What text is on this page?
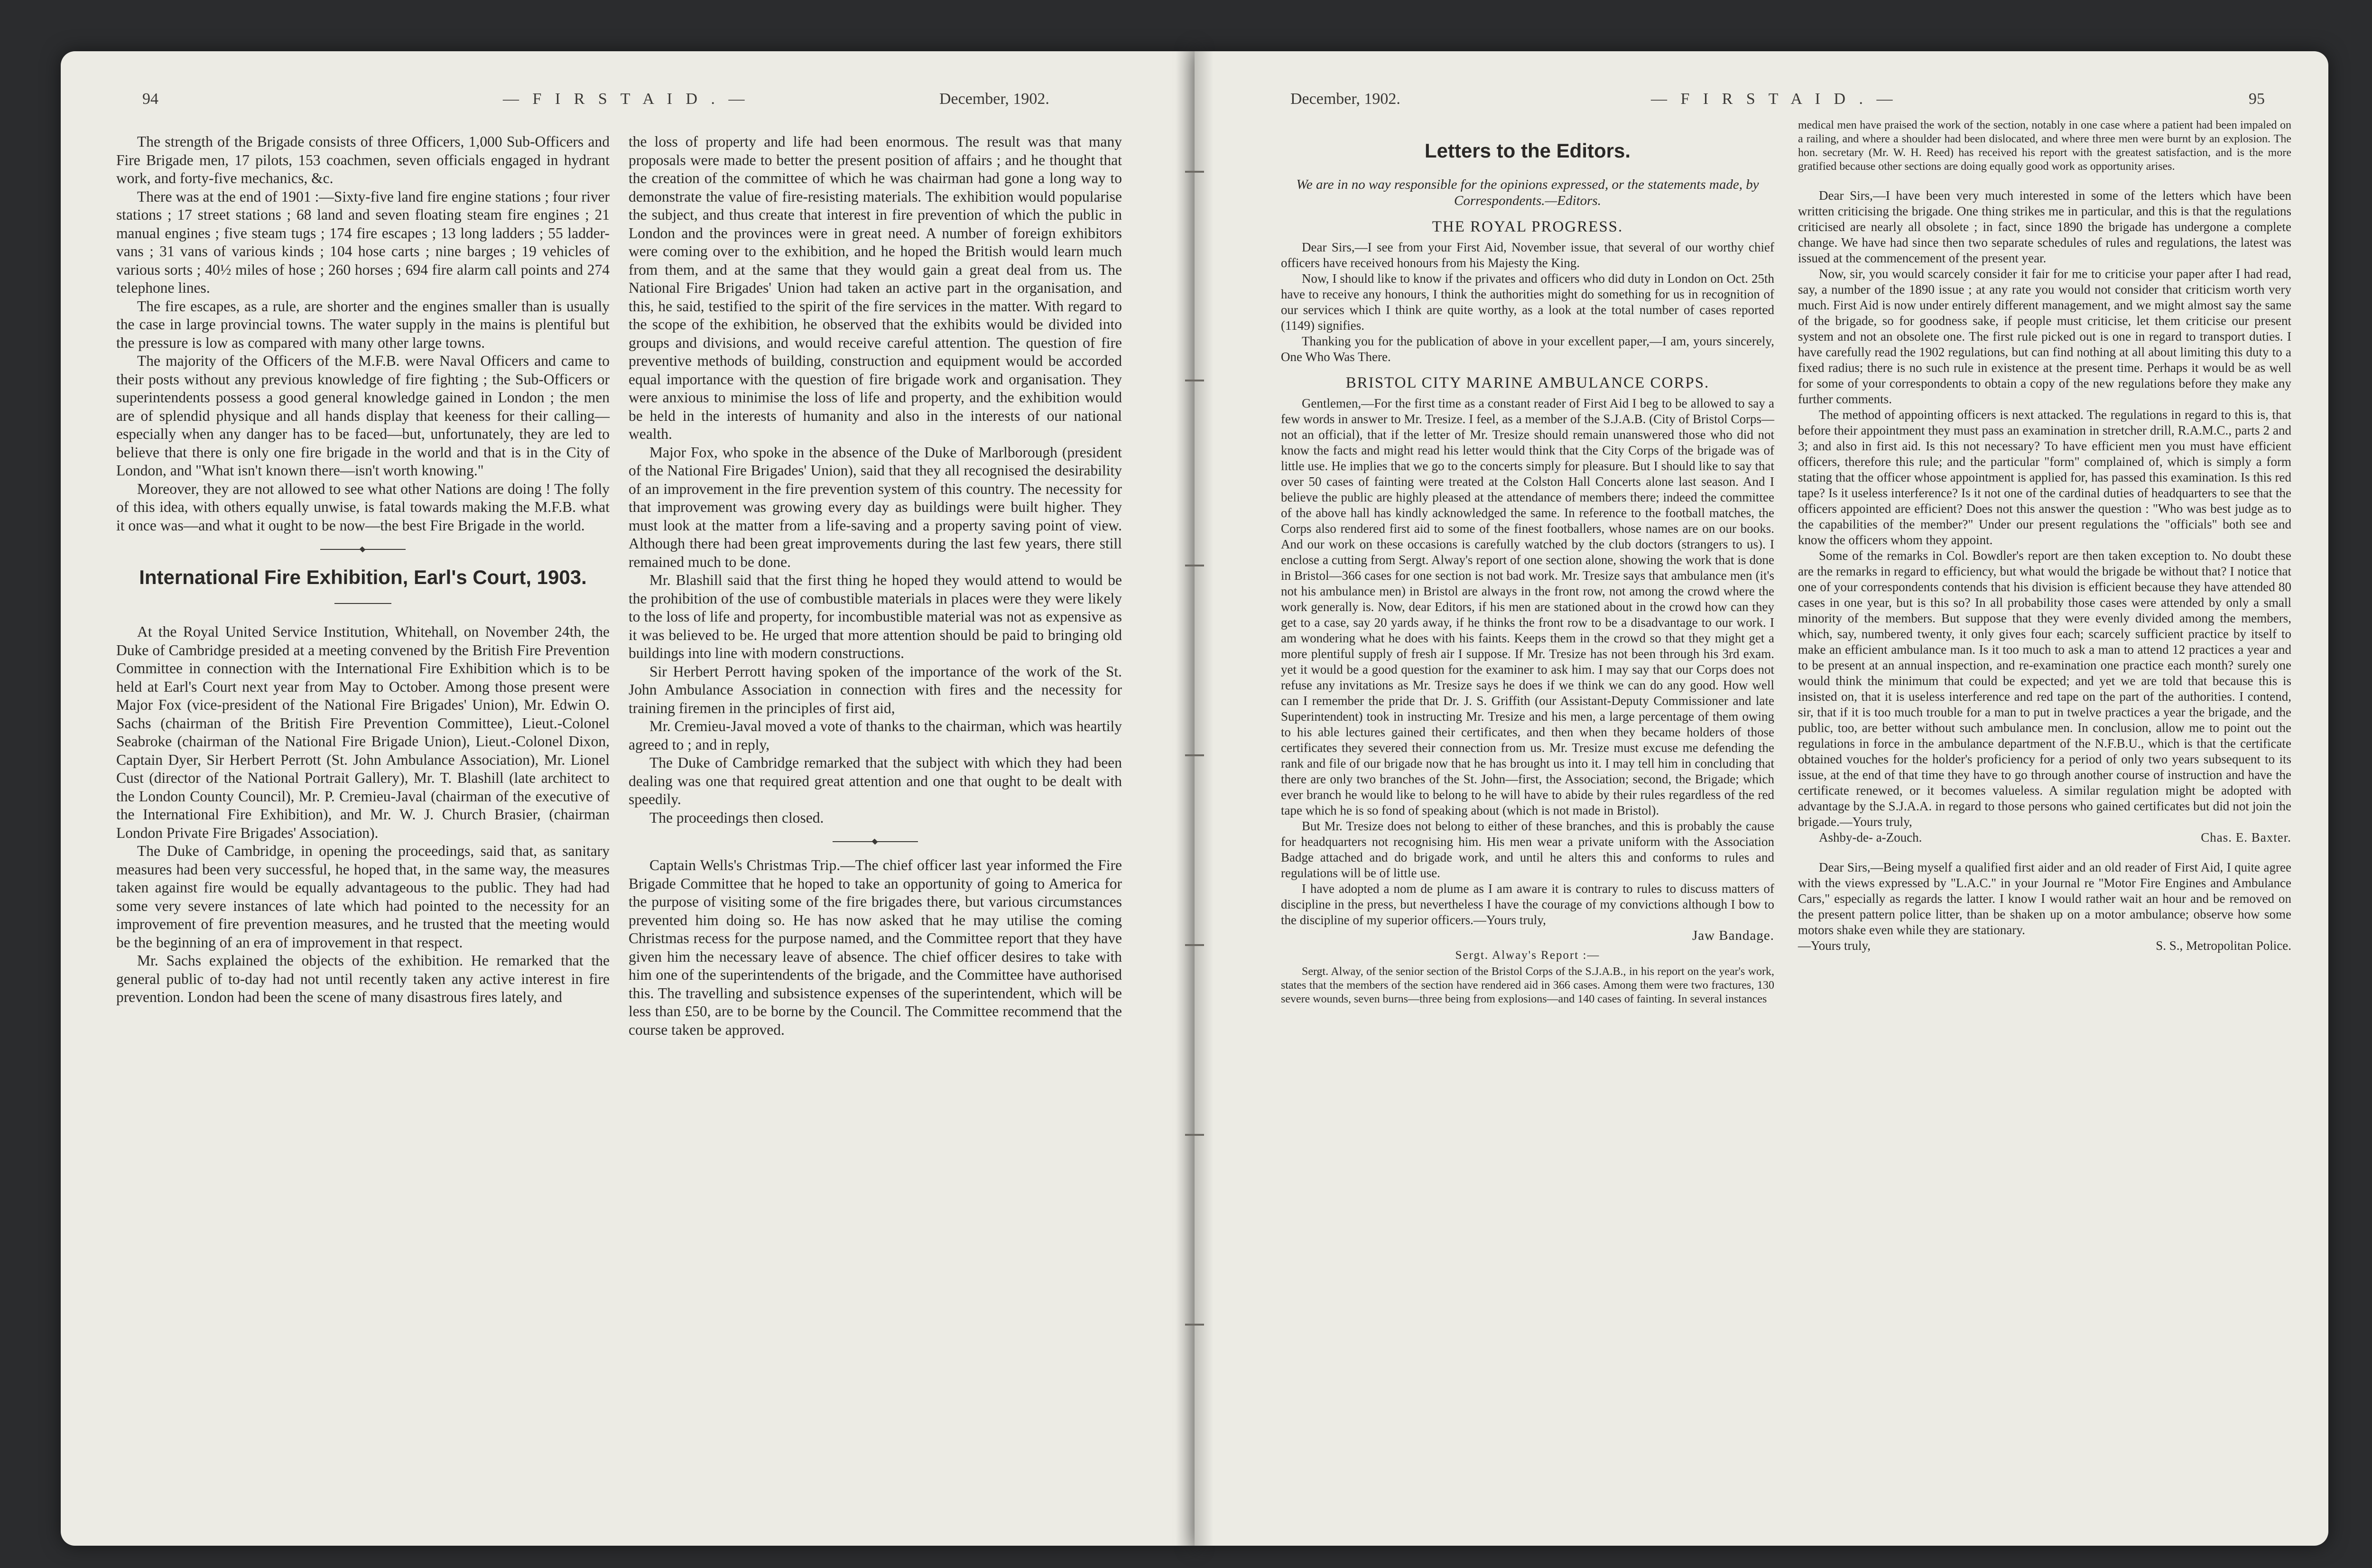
94	— F I R S T A I D . —	December, 1902.

The strength of the Brigade consists of three Officers, 1,000 Sub-Officers and Fire Brigade men, 17 pilots, 153 coachmen, seven officials engaged in hydrant work, and forty-five mechanics, &c.

There was at the end of 1901 :—Sixty-five land fire engine stations ; four river stations ; 17 street stations ; 68 land and seven floating steam fire engines ; 21 manual engines ; five steam tugs ; 174 fire escapes ; 13 long ladders ; 55 ladder-vans ; 31 vans of various kinds ; 104 hose carts ; nine barges ; 19 vehicles of various sorts ; 40½ miles of hose ; 260 horses ; 694 fire alarm call points and 274 telephone lines.

The fire escapes, as a rule, are shorter and the engines smaller than is usually the case in large provincial towns. The water supply in the mains is plentiful but the pressure is low as compared with many other large towns.

The majority of the Officers of the M.F.B. were Naval Officers and came to their posts without any previous knowledge of fire fighting ; the Sub-Officers or superintendents possess a good general knowledge gained in London ; the men are of splendid physique and all hands display that keeness for their calling—especially when any danger has to be faced—but, unfortunately, they are led to believe that there is only one fire brigade in the world and that is in the City of London, and "What isn't known there—isn't worth knowing."

Moreover, they are not allowed to see what other Nations are doing ! The folly of this idea, with others equally unwise, is fatal towards making the M.F.B. what it once was—and what it ought to be now—the best Fire Brigade in the world.

International Fire Exhibition, Earl's Court, 1903.

At the Royal United Service Institution, Whitehall, on November 24th, the Duke of Cambridge presided at a meeting convened by the British Fire Prevention Committee in connection with the International Fire Exhibition which is to be held at Earl's Court next year from May to October. Among those present were Major Fox (vice-president of the National Fire Brigades' Union), Mr. Edwin O. Sachs (chairman of the British Fire Prevention Committee), Lieut.-Colonel Seabroke (chairman of the National Fire Brigade Union), Lieut.-Colonel Dixon, Captain Dyer, Sir Herbert Perrott (St. John Ambulance Association), Mr. Lionel Cust (director of the National Portrait Gallery), Mr. T. Blashill (late architect to the London County Council), Mr. P. Cremieu-Javal (chairman of the executive of the International Fire Exhibition), and Mr. W. J. Church Brasier, (chairman London Private Fire Brigades' Association).

The Duke of Cambridge, in opening the proceedings, said that, as sanitary measures had been very successful, he hoped that, in the same way, the measures taken against fire would be equally advantageous to the public. They had had some very severe instances of late which had pointed to the necessity for an improvement of fire prevention measures, and he trusted that the meeting would be the beginning of an era of improvement in that respect.

Mr. Sachs explained the objects of the exhibition. He remarked that the general public of to-day had not until recently taken any active interest in fire prevention. London had been the scene of many disastrous fires lately, and

the loss of property and life had been enormous. The result was that many proposals were made to better the present position of affairs ; and he thought that the creation of the committee of which he was chairman had gone a long way to demonstrate the value of fire-resisting materials. The exhibition would popularise the subject, and thus create that interest in fire prevention of which the public in London and the provinces were in great need. A number of foreign exhibitors were coming over to the exhibition, and he hoped the British would learn much from them, and at the same that they would gain a great deal from us. The National Fire Brigades' Union had taken an active part in the organisation, and this, he said, testified to the spirit of the fire services in the matter. With regard to the scope of the exhibition, he observed that the exhibits would be divided into groups and divisions, and would receive careful attention. The question of fire preventive methods of building, construction and equipment would be accorded equal importance with the question of fire brigade work and organisation. They were anxious to minimise the loss of life and property, and the exhibition would be held in the interests of humanity and also in the interests of our national wealth.

Major Fox, who spoke in the absence of the Duke of Marlborough (president of the National Fire Brigades' Union), said that they all recognised the desirability of an improvement in the fire prevention system of this country. The necessity for that improvement was growing every day as buildings were built higher. They must look at the matter from a life-saving and a property saving point of view. Although there had been great improvements during the last few years, there still remained much to be done.

Mr. Blashill said that the first thing he hoped they would attend to would be the prohibition of the use of combustible materials in places were they were likely to the loss of life and property, for incombustible material was not as expensive as it was believed to be. He urged that more attention should be paid to bringing old buildings into line with modern constructions.

Sir Herbert Perrott having spoken of the importance of the work of the St. John Ambulance Association in connection with fires and the necessity for training firemen in the principles of first aid,

Mr. Cremieu-Javal moved a vote of thanks to the chairman, which was heartily agreed to ; and in reply,

The Duke of Cambridge remarked that the subject with which they had been dealing was one that required great attention and one that ought to be dealt with speedily.

The proceedings then closed.

Captain Wells's Christmas Trip.—The chief officer last year informed the Fire Brigade Committee that he hoped to take an opportunity of going to America for the purpose of visiting some of the fire brigades there, but various circumstances prevented him doing so. He has now asked that he may utilise the coming Christmas recess for the purpose named, and the Committee report that they have given him the necessary leave of absence. The chief officer desires to take with him one of the superintendents of the brigade, and the Committee have authorised this. The travelling and subsistence expenses of the superintendent, which will be less than £50, are to be borne by the Council. The Committee recommend that the course taken be approved.

December, 1902.	— F I R S T A I D . —	95
Letters to the Editors.
We are in no way responsible for the opinions expressed, or the statements made, by Correspondents.—Editors.
THE ROYAL PROGRESS.

Dear Sirs,—I see from your First Aid, November issue, that several of our worthy chief officers have received honours from his Majesty the King.

Now, I should like to know if the privates and officers who did duty in London on Oct. 25th have to receive any honours, I think the authorities might do something for us in recognition of our services which I think are quite worthy, as a look at the total number of cases reported (1149) signifies.

Thanking you for the publication of above in your excellent paper,—I am, yours sincerely, One Who Was There.

BRISTOL CITY MARINE AMBULANCE CORPS.

Gentlemen,—For the first time as a constant reader of First Aid I beg to be allowed to say a few words in answer to Mr. Tresize. I feel, as a member of the S.J.A.B. (City of Bristol Corps—not an official), that if the letter of Mr. Tresize should remain unanswered those who did not know the facts and might read his letter would think that the City Corps of the brigade was of little use. He implies that we go to the concerts simply for pleasure. But I should like to say that over 50 cases of fainting were treated at the Colston Hall Concerts alone last season. And I believe the public are highly pleased at the attendance of members there; indeed the committee of the above hall has kindly acknowledged the same. In reference to the football matches, the Corps also rendered first aid to some of the finest footballers, whose names are on our books. And our work on these occasions is carefully watched by the club doctors (strangers to us). I enclose a cutting from Sergt. Alway's report of one section alone, showing the work that is done in Bristol—366 cases for one section is not bad work. Mr. Tresize says that ambulance men (it's not his ambulance men) in Bristol are always in the front row, not among the crowd where the work generally is. Now, dear Editors, if his men are stationed about in the crowd how can they get to a case, say 20 yards away, if he thinks the front row to be a disadvantage to our work. I am wondering what he does with his faints. Keeps them in the crowd so that they might get a more plentiful supply of fresh air I suppose. If Mr. Tresize has not been through his 3rd exam. yet it would be a good question for the examiner to ask him. I may say that our Corps does not refuse any invitations as Mr. Tresize says he does if we think we can do any good. How well can I remember the pride that Dr. J. S. Griffith (our Assistant-Deputy Commissioner and late Superintendent) took in instructing Mr. Tresize and his men, a large percentage of them owing to his able lectures gained their certificates, and then when they became holders of those certificates they severed their connection from us. Mr. Tresize must excuse me defending the rank and file of our brigade now that he has brought us into it. I may tell him in concluding that there are only two branches of the St. John—first, the Association; second, the Brigade; which ever branch he would like to belong to he will have to abide by their rules regardless of the red tape which he is so fond of speaking about (which is not made in Bristol).

But Mr. Tresize does not belong to either of these branches, and this is probably the cause for headquarters not recognising him. His men wear a private uniform with the Association Badge attached and do brigade work, and until he alters this and conforms to rules and regulations will be of little use.

I have adopted a nom de plume as I am aware it is contrary to rules to discuss matters of discipline in the press, but nevertheless I have the courage of my convictions although I bow to the discipline of my superior officers.—Yours truly,

Jaw Bandage.
Sergt. Alway's Report :—

Sergt. Alway, of the senior section of the Bristol Corps of the S.J.A.B., in his report on the year's work, states that the members of the section have rendered aid in 366 cases. Among them were two fractures, 130 severe wounds, seven burns—three being from explosions—and 140 cases of fainting. In several instances

medical men have praised the work of the section, notably in one case where a patient had been impaled on a railing, and where a shoulder had been dislocated, and where three men were burnt by an explosion. The hon. secretary (Mr. W. H. Reed) has received his report with the greatest satisfaction, and is the more gratified because other sections are doing equally good work as opportunity arises.

Dear Sirs,—I have been very much interested in some of the letters which have been written criticising the brigade. One thing strikes me in particular, and this is that the regulations criticised are nearly all obsolete ; in fact, since 1890 the brigade has undergone a complete change. We have had since then two separate schedules of rules and regulations, the latest was issued at the commencement of the present year.

Now, sir, you would scarcely consider it fair for me to criticise your paper after I had read, say, a number of the 1890 issue ; at any rate you would not consider that criticism worth very much. First Aid is now under entirely different management, and we might almost say the same of the brigade, so for goodness sake, if people must criticise, let them criticise our present system and not an obsolete one. The first rule picked out is one in regard to transport duties. I have carefully read the 1902 regulations, but can find nothing at all about limiting this duty to a fixed radius; there is no such rule in existence at the present time. Perhaps it would be as well for some of your correspondents to obtain a copy of the new regulations before they make any further comments.

The method of appointing officers is next attacked. The regulations in regard to this is, that before their appointment they must pass an examination in stretcher drill, R.A.M.C., parts 2 and 3; and also in first aid. Is this not necessary? To have efficient men you must have efficient officers, therefore this rule; and the particular "form" complained of, which is simply a form stating that the officer whose appointment is applied for, has passed this examination. Is this red tape? Is it useless interference? Is it not one of the cardinal duties of headquarters to see that the officers appointed are efficient? Does not this answer the question : "Who was best judge as to the capabilities of the member?" Under our present regulations the "officials" both see and know the officers whom they appoint.

Some of the remarks in Col. Bowdler's report are then taken exception to. No doubt these are the remarks in regard to efficiency, but what would the brigade be without that? I notice that one of your correspondents contends that his division is efficient because they have attended 80 cases in one year, but is this so? In all probability those cases were attended by only a small minority of the members. But suppose that they were evenly divided among the members, which, say, numbered twenty, it only gives four each; scarcely sufficient practice by itself to make an efficient ambulance man. Is it too much to ask a man to attend 12 practices a year and to be present at an annual inspection, and re-examination one practice each month? surely one would think the minimum that could be expected; and yet we are told that because this is insisted on, that it is useless interference and red tape on the part of the authorities. I contend, sir, that if it is too much trouble for a man to put in twelve practices a year the brigade, and the public, too, are better without such ambulance men. In conclusion, allow me to point out the regulations in force in the ambulance department of the N.F.B.U., which is that the certificate obtained vouches for the holder's proficiency for a period of only two years subsequent to its issue, at the end of that time they have to go through another course of instruction and have the certificate renewed, or it becomes valueless. A similar regulation might be adopted with advantage by the S.J.A.A. in regard to those persons who gained certificates but did not join the brigade.—Yours truly,

Ashby-de- a-Zouch.	Chas. E. Baxter.

Dear Sirs,—Being myself a qualified first aider and an old reader of First Aid, I quite agree with the views expressed by "L.A.C." in your Journal re "Motor Fire Engines and Ambulance Cars," especially as regards the latter. I know I would rather wait an hour and be removed on the present pattern police litter, than be shaken up on a motor ambulance; observe how some motors shake even while they are stationary.

—Yours truly,	S. S., Metropolitan Police.
